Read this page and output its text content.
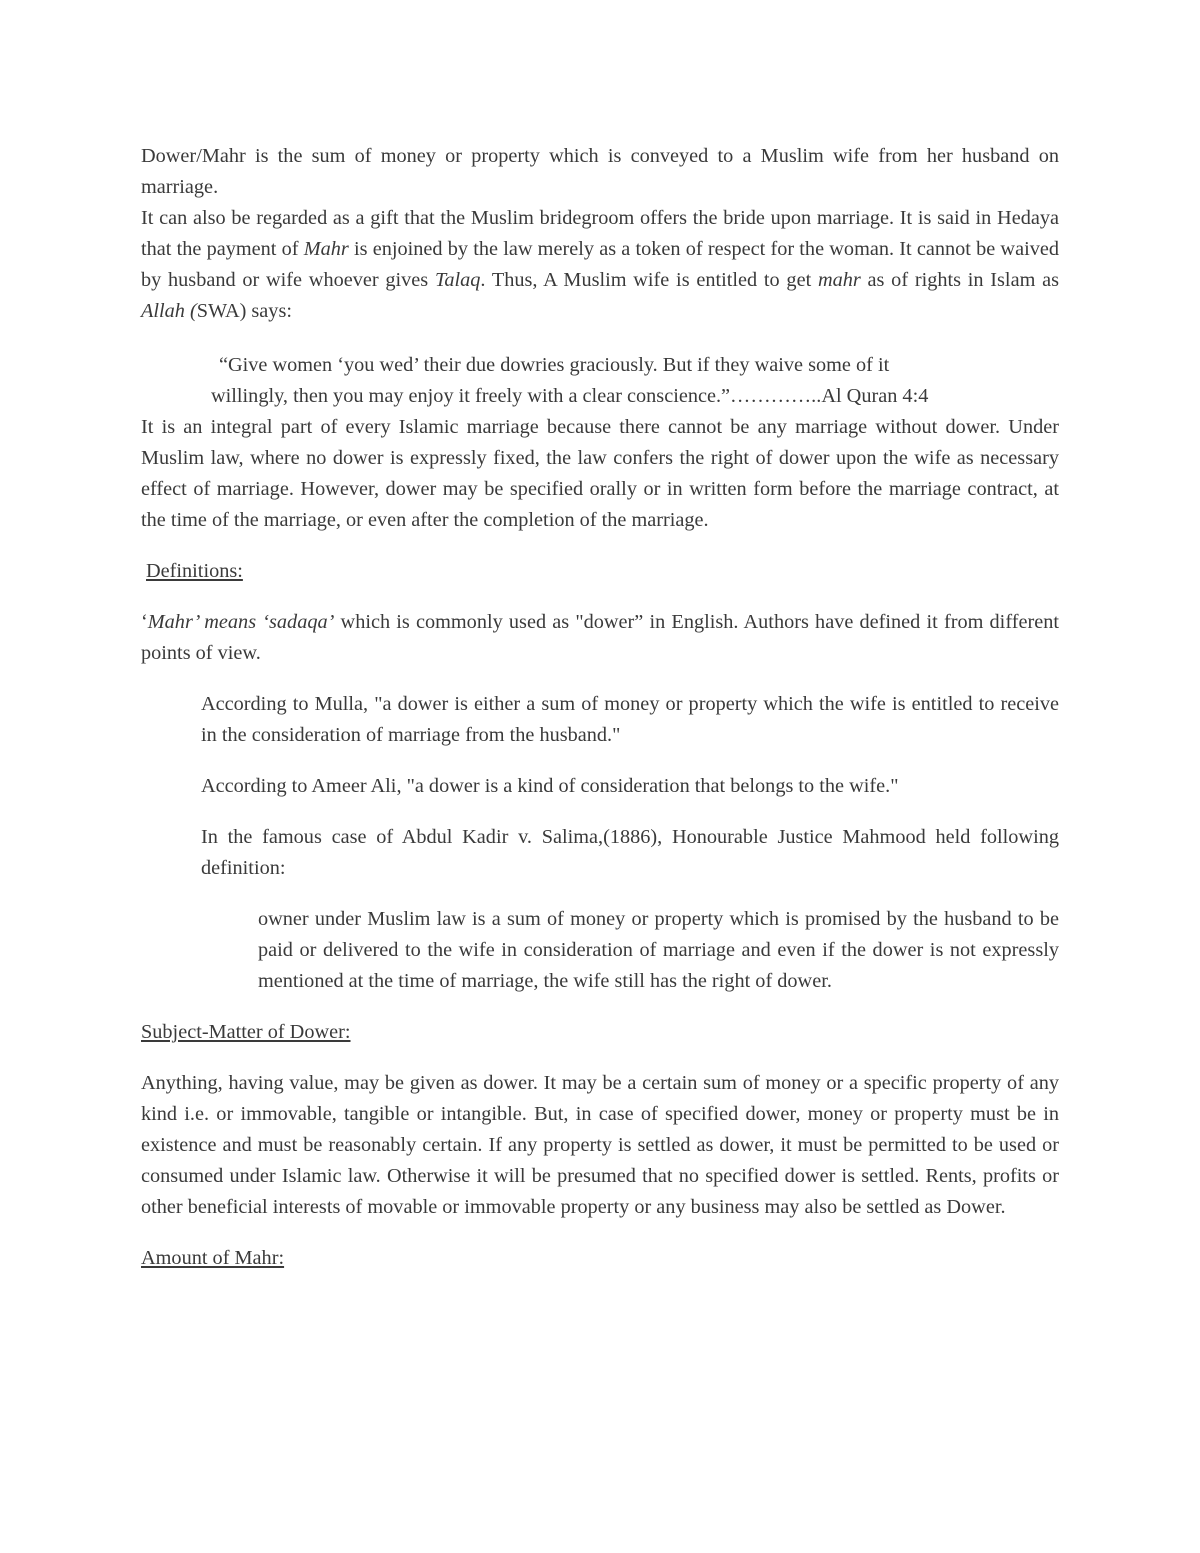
Dower/Mahr is the sum of money or property which is conveyed to a Muslim wife from her husband on marriage.

It can also be regarded as a gift that the Muslim bridegroom offers the bride upon marriage. It is said in Hedaya that the payment of Mahr is enjoined by the law merely as a token of respect for the woman. It cannot be waived by husband or wife whoever gives Talaq. Thus, A Muslim wife is entitled to get mahr as of rights in Islam as Allah (SWA) says:

“Give women ‘you wed’ their due dowries graciously. But if they waive some of it

willingly, then you may enjoy it freely with a clear conscience.”…………..Al Quran 4:4

It is an integral part of every Islamic marriage because there cannot be any marriage without dower. Under Muslim law, where no dower is expressly fixed, the law confers the right of dower upon the wife as necessary effect of marriage. However, dower may be specified orally or in written form before the marriage contract, at the time of the marriage, or even after the completion of the marriage.

Definitions:

‘Mahr’ means ‘sadaqa’ which is commonly used as "dower” in English. Authors have defined it from different points of view.

According to Mulla, "a dower is either a sum of money or property which the wife is entitled to receive in the consideration of marriage from the husband."

According to Ameer Ali, "a dower is a kind of consideration that belongs to the wife."

In the famous case of Abdul Kadir v. Salima,(1886), Honourable Justice Mahmood held following definition:

owner under Muslim law is a sum of money or property which is promised by the husband to be paid or delivered to the wife in consideration of marriage and even if the dower is not expressly mentioned at the time of marriage, the wife still has the right of dower.

Subject-Matter of Dower:

Anything, having value, may be given as dower. It may be a certain sum of money or a specific property of any kind i.e. or immovable, tangible or intangible. But, in case of specified dower, money or property must be in existence and must be reasonably certain. If any property is settled as dower, it must be permitted to be used or consumed under Islamic law. Otherwise it will be presumed that no specified dower is settled. Rents, profits or other beneficial interests of movable or immovable property or any business may also be settled as Dower.

Amount of Mahr:
